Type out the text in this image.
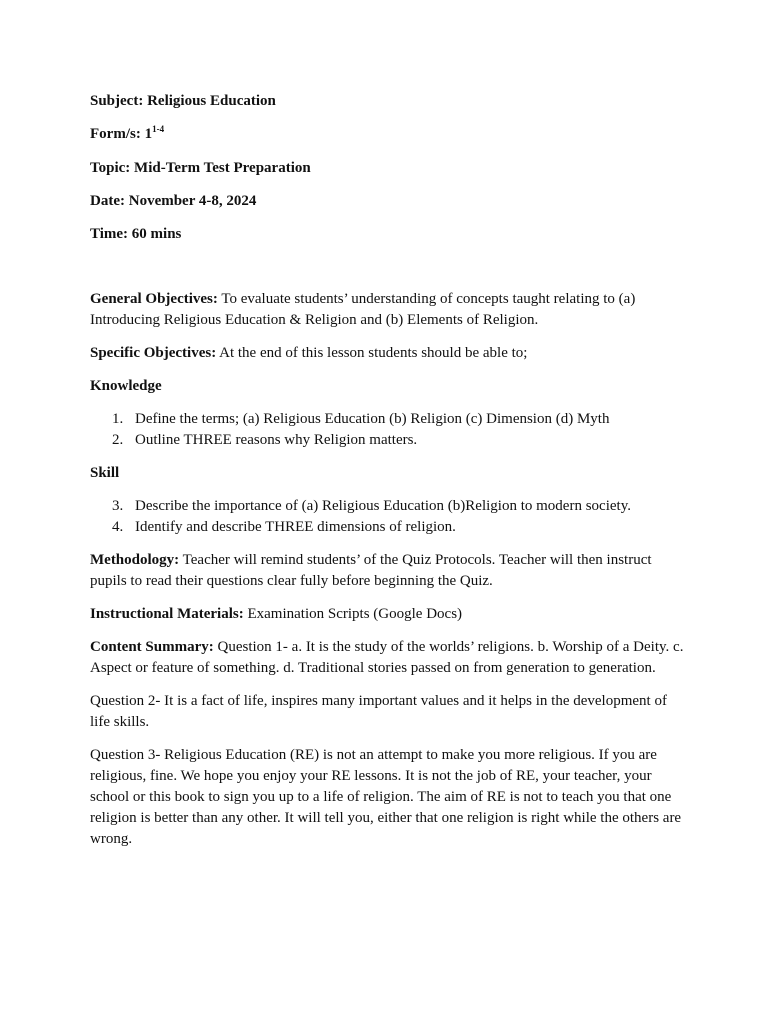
Subject: Religious Education

Form/s: 1$^{1-4}$

Topic: Mid-Term Test Preparation

Date: November 4-8, 2024

Time: 60 mins

General Objectives: To evaluate students’ understanding of concepts taught relating to (a) Introducing Religious Education & Religion and (b) Elements of Religion.

Specific Objectives: At the end of this lesson students should be able to;

Knowledge

1. Define the terms; (a) Religious Education (b) Religion (c) Dimension (d) Myth
2. Outline THREE reasons why Religion matters.

Skill

3. Describe the importance of (a) Religious Education (b)Religion to modern society.
4. Identify and describe THREE dimensions of religion.

Methodology: Teacher will remind students’ of the Quiz Protocols. Teacher will then instruct pupils to read their questions clear fully before beginning the Quiz.

Instructional Materials: Examination Scripts (Google Docs)

Content Summary: Question 1- a. It is the study of the worlds’ religions. b. Worship of a Deity. c. Aspect or feature of something. d. Traditional stories passed on from generation to generation.

Question 2- It is a fact of life, inspires many important values and it helps in the development of life skills.

Question 3- Religious Education (RE) is not an attempt to make you more religious. If you are religious, fine. We hope you enjoy your RE lessons. It is not the job of RE, your teacher, your school or this book to sign you up to a life of religion. The aim of RE is not to teach you that one religion is better than any other. It will tell you, either that one religion is right while the others are wrong.
